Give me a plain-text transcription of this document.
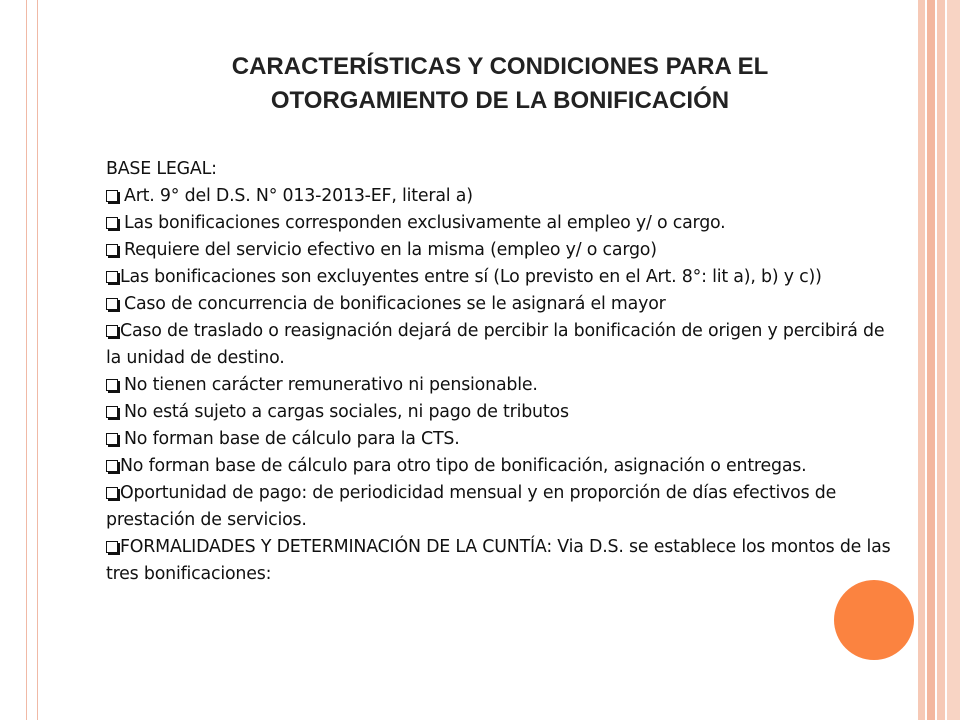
CARACTERÍSTICAS Y CONDICIONES PARA EL
OTORGAMIENTO DE LA BONIFICACIÓN
BASE LEGAL:
Art. 9° del D.S. N° 013-2013-EF, literal a)
Las bonificaciones corresponden exclusivamente al empleo y/ o cargo.
Requiere del servicio efectivo en la misma (empleo y/ o cargo)
Las bonificaciones son excluyentes entre sí (Lo previsto en el Art. 8°: lit a), b) y c))
Caso de concurrencia de bonificaciones se le asignará el mayor
Caso de traslado o reasignación dejará de percibir la bonificación de origen y percibirá de la unidad de destino.
No tienen carácter remunerativo ni pensionable.
No está sujeto a cargas sociales, ni pago de tributos
No forman base de cálculo para la CTS.
No forman base de cálculo para otro tipo de bonificación, asignación o entregas.
Oportunidad de pago: de periodicidad mensual y en proporción de días efectivos de prestación de servicios.
FORMALIDADES Y DETERMINACIÓN DE LA CUNTÍA: Via D.S. se establece los montos de las tres bonificaciones:
